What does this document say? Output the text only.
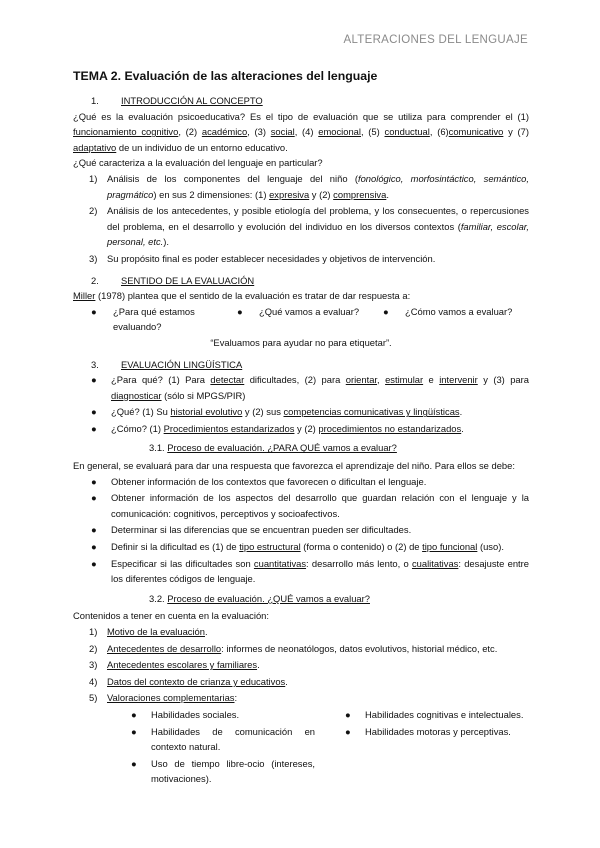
ALTERACIONES DEL LENGUAJE
TEMA 2. Evaluación de las alteraciones del lenguaje
1. INTRODUCCIÓN AL CONCEPTO

¿Qué es la evaluación psicoeducativa? Es el tipo de evaluación que se utiliza para comprender el (1) funcionamiento cognitivo, (2) académico, (3) social, (4) emocional, (5) conductual, (6)comunicativo y (7) adaptativo de un individuo de un entorno educativo.

¿Qué caracteriza a la evaluación del lenguaje en particular?

1)	Análisis de los componentes del lenguaje del niño (fonológico, morfosintáctico, semántico, pragmático) en sus 2 dimensiones: (1) expresiva y (2) comprensiva.
2)	Análisis de los antecedentes, y posible etiología del problema, y los consecuentes, o repercusiones del problema, en el desarrollo y evolución del individuo en los diversos contextos (familiar, escolar, personal, etc.).
3)	Su propósito final es poder establecer necesidades y objetivos de intervención.
2. SENTIDO DE LA EVALUACIÓN

Miller (1978) plantea que el sentido de la evaluación es tratar de dar respuesta a:

●	¿Para qué estamos evaluando?
●	¿Qué vamos a evaluar?	●	¿Cómo vamos a evaluar?
“Evaluamos para ayudar no para etiquetar”.
3. EVALUACIÓN LINGÜÍSTICA
●	¿Para qué? (1) Para detectar dificultades, (2) para orientar, estimular e intervenir y (3) para diagnosticar (sólo si MPGS/PIR)
●	¿Qué? (1) Su historial evolutivo y (2) sus competencias comunicativas y lingüísticas.
●	¿Cómo? (1) Procedimientos estandarizados y (2) procedimientos no estandarizados.
3.1. Proceso de evaluación. ¿PARA QUÉ vamos a evaluar?

En general, se evaluará para dar una respuesta que favorezca el aprendizaje del niño. Para ellos se debe:

●	Obtener información de los contextos que favorecen o dificultan el lenguaje.
●	Obtener información de los aspectos del desarrollo que guardan relación con el lenguaje y la comunicación: cognitivos, perceptivos y socioafectivos.
●	Determinar si las diferencias que se encuentran pueden ser dificultades.
●	Definir si la dificultad es (1) de tipo estructural (forma o contenido) o (2) de tipo funcional (uso).
●	Especificar si las dificultades son cuantitativas: desarrollo más lento, o cualitativas: desajuste entre los diferentes códigos de lenguaje.
3.2. Proceso de evaluación. ¿QUÉ vamos a evaluar?

Contenidos a tener en cuenta en la evaluación:

1)	Motivo de la evaluación.
2)	Antecedentes de desarrollo: informes de neonatólogos, datos evolutivos, historial médico, etc.
3)	Antecedentes escolares y familiares.
4)	Datos del contexto de crianza y educativos.
5)	Valoraciones complementarias:
●	Habilidades sociales.
●	Habilidades de comunicación en contexto natural.
●	Uso de tiempo libre-ocio (intereses, motivaciones).
●	Habilidades cognitivas e intelectuales.
●	Habilidades motoras y perceptivas.
